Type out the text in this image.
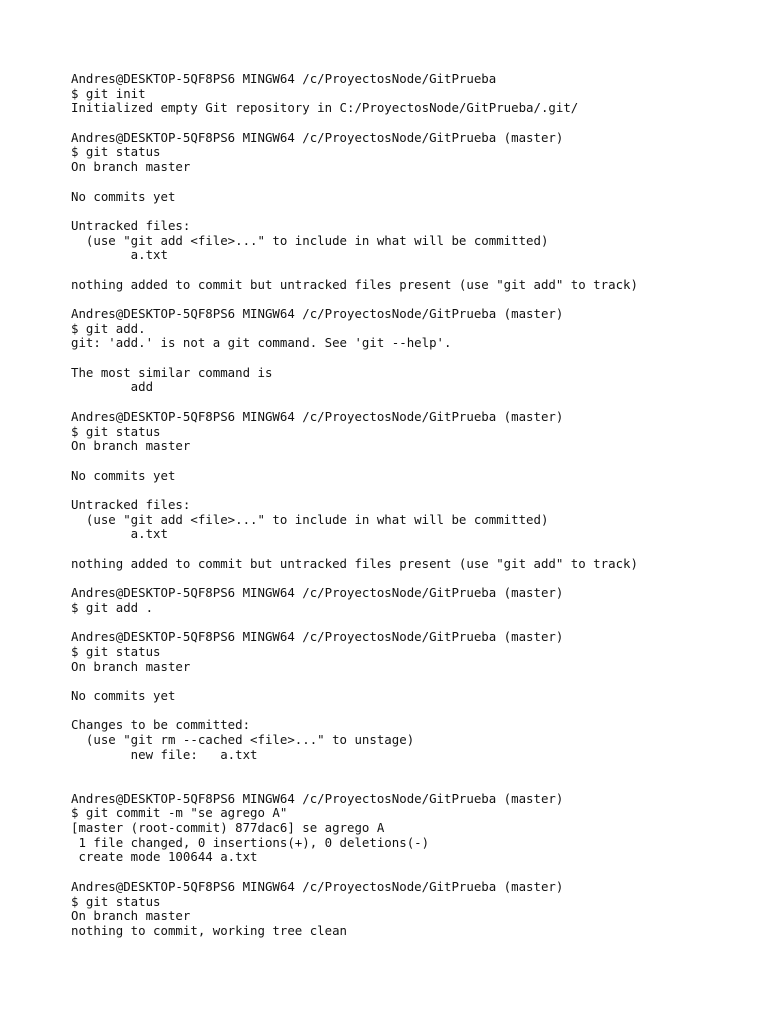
Andres@DESKTOP-5QF8PS6 MINGW64 /c/ProyectosNode/GitPrueba
$ git init
Initialized empty Git repository in C:/ProyectosNode/GitPrueba/.git/
Andres@DESKTOP-5QF8PS6 MINGW64 /c/ProyectosNode/GitPrueba (master)
$ git status
On branch master
No commits yet
Untracked files:
(use "git add <file>..." to include in what will be committed)
a.txt
nothing added to commit but untracked files present (use "git add" to track)
Andres@DESKTOP-5QF8PS6 MINGW64 /c/ProyectosNode/GitPrueba (master)
$ git add.
git: 'add.' is not a git command. See 'git --help'.
The most similar command is
add
Andres@DESKTOP-5QF8PS6 MINGW64 /c/ProyectosNode/GitPrueba (master)
$ git status
On branch master
No commits yet
Untracked files:
(use "git add <file>..." to include in what will be committed)
a.txt
nothing added to commit but untracked files present (use "git add" to track)
Andres@DESKTOP-5QF8PS6 MINGW64 /c/ProyectosNode/GitPrueba (master)
$ git add .
Andres@DESKTOP-5QF8PS6 MINGW64 /c/ProyectosNode/GitPrueba (master)
$ git status
On branch master
No commits yet
Changes to be committed:
(use "git rm --cached <file>..." to unstage)
new file:   a.txt
Andres@DESKTOP-5QF8PS6 MINGW64 /c/ProyectosNode/GitPrueba (master)
$ git commit -m "se agrego A"
[master (root-commit) 877dac6] se agrego A
1 file changed, 0 insertions(+), 0 deletions(-)
create mode 100644 a.txt
Andres@DESKTOP-5QF8PS6 MINGW64 /c/ProyectosNode/GitPrueba (master)
$ git status
On branch master
nothing to commit, working tree clean
